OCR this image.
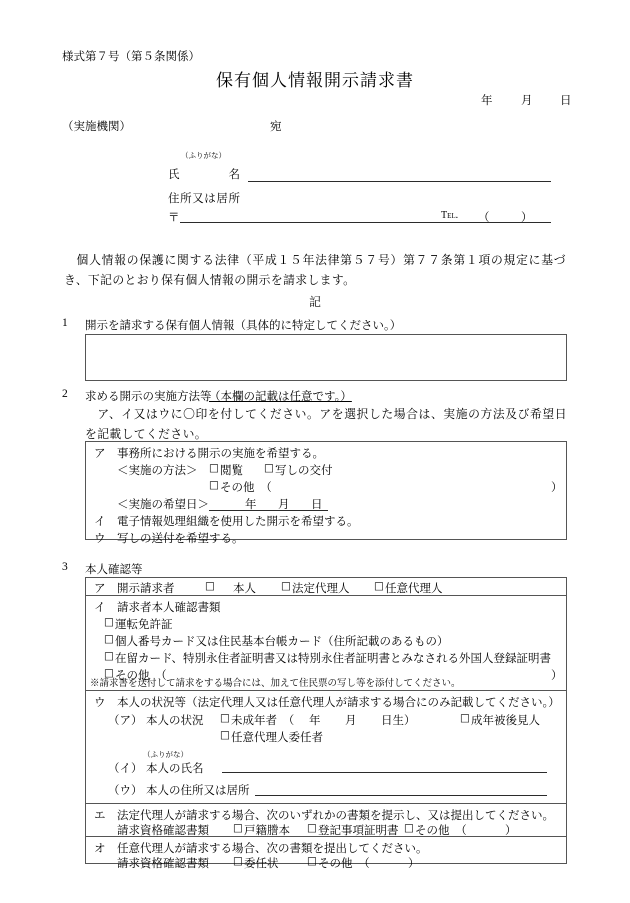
様式第７号（第５条関係）
保有個人情報開示請求書
年 月 日
（実施機関）	宛
（ふりがな）
氏　　　　名
住所又は居所
〒	Tel. （	）
　個人情報の保護に関する法律（平成１５年法律第５７号）第７７条第１項の規定に基づき、下記のとおり保有個人情報の開示を請求します。
記
1 開示を請求する保有個人情報（具体的に特定してください。）
2 求める開示の実施方法等
（本欄の記載は任意です。）
　ア、イ又はウに〇印を付してください。アを選択した場合は、実施の方法及び希望日を記載してください。
ア 事務所における開示の実施を希望する。
＜実施の方法＞ □ 閲覧 □ 写しの交付
□ その他　（	）
＜実施の希望日＞	年 月 日
イ 電子情報処理組織を使用した開示を希望する。
ウ 写しの送付を希望する。
3 本人確認等
ア 開示請求者	□ 本人 □ 法定代理人 □ 任意代理人
イ 請求者本人確認書類
□ 運転免許証
□ 個人番号カード又は住民基本台帳カード（住所記載のあるもの）
□ 在留カード、特別永住者証明書又は特別永住者証明書とみなされる外国人登録証明書
□ その他　（	）
※請求書を送付して請求をする場合には、加えて住民票の写し等を添付してください。
ウ 本人の状況等（法定代理人又は任意代理人が請求する場合にのみ記載してください。）
（ア） 本人の状況 □ 未成年者　（ 年 月 日生）	□ 成年被後見人
□ 任意代理人委任者
（ふりがな）
（イ） 本人の氏名
（ウ） 本人の住所又は居所
エ 法定代理人が請求する場合、次のいずれかの書類を提示し、又は提出してください。
請求資格確認書類 □ 戸籍謄本 □ 登記事項証明書 □ その他　（	）
オ 任意代理人が請求する場合、次の書類を提出してください。
請求資格確認書類 □ 委任状	□ その他　（	）
